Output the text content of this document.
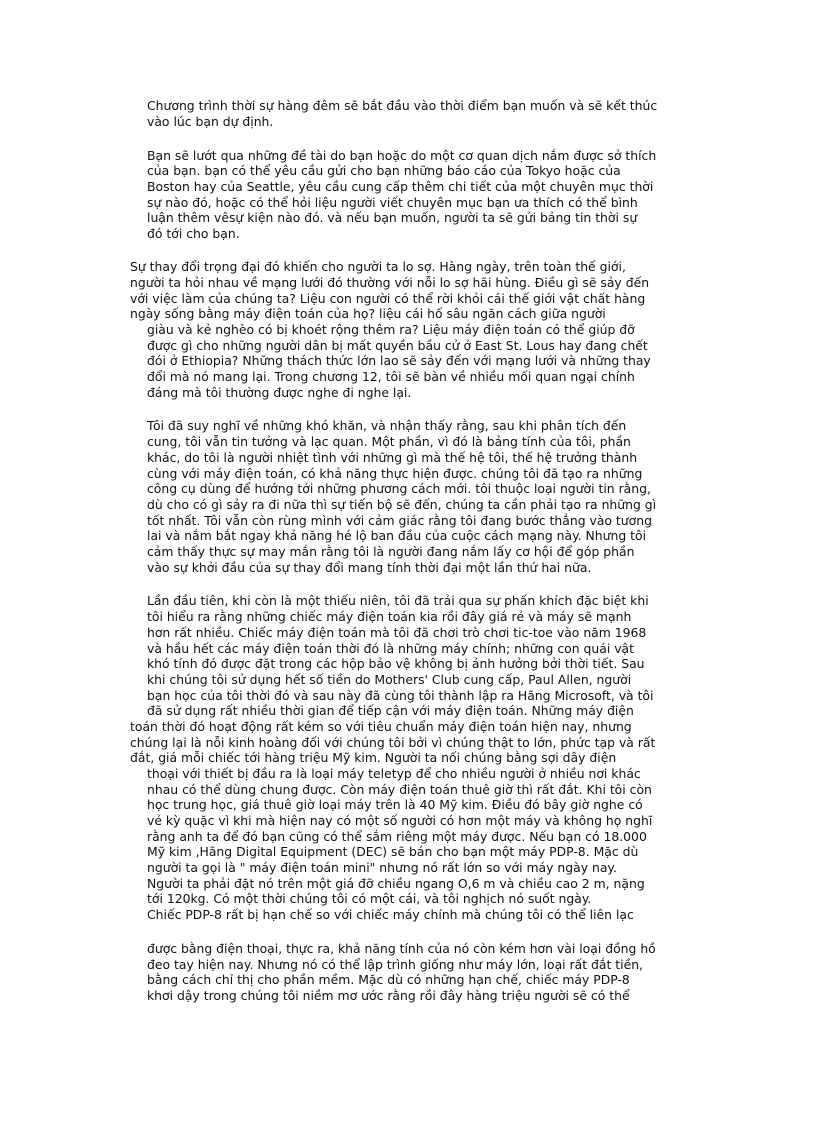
Chương trình thời sự hàng đêm sẽ bắt đầu vào thời điểm bạn muốn và sẽ kết thúc
vào lúc bạn dự định.
Bạn sẽ lướt qua những đề tài do bạn hoặc do một cơ quan dịch nắm được sở thích
của bạn. bạn có thể yêu cầu gửi cho bạn những báo cáo của Tokyo hoặc của
Boston hay của Seattle, yêu cầu cung cấp thêm chi tiết của một chuyên mục thời
sự nào đó, hoặc có thể hỏi liệu người viết chuyên mục bạn ưa thích có thể bình
luận thêm vêsự kiện nào đó. và nếu bạn muốn, người ta sẽ gửi bảng tin thời sự
đó tới cho bạn.
Sự thay đổi trọng đại đó khiến cho người ta lo sợ. Hàng ngày, trên toàn thế giới,
người ta hỏi nhau về mạng lưới đó thường với nỗi lo sợ hãi hùng. Điều gì sẽ sảy đến
với việc làm của chúng ta? Liệu con người có thể rời khỏi cái thế giới vật chất hàng
ngày sống bằng máy điện toán của họ? liệu cái hố sâu ngăn cách giữa người
giàu và kẻ nghèo có bị khoét rộng thêm ra? Liệu máy điện toán có thể giúp đỡ
được gì cho những người dân bị mất quyền bầu cử ở East St. Lous hay đang chết
đói ở Ethiopia? Những thách thức lớn lao sẽ sảy đến với mạng lưới và những thay
đổi mà nó mang lại. Trong chương 12, tôi sẽ bàn về nhiều mối quan ngại chính
đáng mà tôi thường được nghe đi nghe lại.
Tôi đã suy nghĩ về những khó khăn, và nhận thấy rằng, sau khi phân tích đến
cung, tôi vẫn tin tưởng và lạc quan. Một phần, vì đó là bảng tính của tôi, phần
khác, do tôi là người nhiệt tình với những gì mà thế hệ tôi, thế hệ trưởng thành
cùng với máy điện toán, có khả năng thực hiện được. chúng tôi đã tạo ra những
công cụ dùng để hướng tới những phương cách mới. tôi thuộc loại người tin rằng,
dù cho có gì sảy ra đi nữa thì sự tiến bộ sẽ đến, chúng ta cần phải tạo ra những gì
tốt nhất. Tôi vẫn còn rùng mình với cảm giác rằng tôi đang bước thẳng vào tương
lai và nắm bắt ngay khả năng hé lộ ban đầu của cuộc cách mạng này. Nhưng tôi
cảm thấy thực sự may mắn rằng tôi là người đang nắm lấy cơ hội để góp phần
vào sự khởi đầu của sự thay đổi mang tính thời đại một lần thứ hai nữa.
Lần đầu tiên, khi còn là một thiếu niên, tôi đã trải qua sự phấn khích đặc biệt khi
tôi hiểu ra rằng những chiếc máy điện toán kia rồi đây giá rẻ và máy sẽ mạnh
hơn rất nhiều. Chiếc máy điện toán mà tôi đã chơi trò chơi tic-toe vào năm 1968
và hầu hết các máy điện toán thời đó là những máy chính; những con quái vật
khó tính đó được đặt trong các hộp bảo vệ không bị ảnh hưởng bởi thời tiết. Sau
khi chúng tôi sử dụng hết số tiền do Mothers' Club cung cấp, Paul Allen, người
bạn học của tôi thời đó và sau này đã cùng tôi thành lập ra Hãng Microsoft, và tôi
đã sử dụng rất nhiều thời gian để tiếp cận với máy điện toán. Những máy điện
toán thời đó hoạt động rất kém so với tiêu chuẩn máy điện toán hiện nay, nhưng
chúng lại là nỗi kinh hoàng đối với chúng tôi bởi vì chúng thật to lớn, phức tạp và rất
đắt, giá mỗi chiếc tới hàng triệu Mỹ kim. Người ta nối chúng bằng sợi dây điện
thoại với thiết bị đầu ra là loại máy teletyp để cho nhiều người ở nhiều nơi khác
nhau có thể dùng chung được. Còn máy điện toán thuê giờ thì rất đắt. Khi tôi còn
học trung học, giá thuê giờ loại máy trên là 40 Mỹ kim. Điều đó bây giờ nghe có
vẻ kỳ quặc vì khi mà hiện nay có một số người có hơn một máy và không họ nghĩ
rằng anh ta để đó bạn cũng có thể sắm riêng một máy được. Nếu bạn có 18.000
Mỹ kim ,Hãng Digital Equipment (DEC) sẽ bán cho bạn một máy PDP-8. Mặc dù
người ta gọi là " máy điện toán mini" nhưng nó rất lớn so với máy ngày nay.
Người ta phải đặt nó trên một giá đỡ chiều ngang O,6 m và chiều cao 2 m, nặng
tới 120kg. Có một thời chúng tôi có một cái, và tôi nghịch nó suốt ngày.
Chiếc PDP-8 rất bị hạn chế so với chiếc máy chính mà chúng tôi có thể liên lạc
được bằng điện thoại, thực ra, khả năng tính của nó còn kém hơn vài loại đồng hồ
đeo tay hiện nay. Nhưng nó có thể lập trình giống như máy lớn, loại rất đắt tiền,
bằng cách chỉ thị cho phần mềm. Mặc dù có những hạn chế, chiếc máy PDP-8
khơi dậy trong chúng tôi niềm mơ ước rằng rồi đây hàng triệu người sẽ có thể
